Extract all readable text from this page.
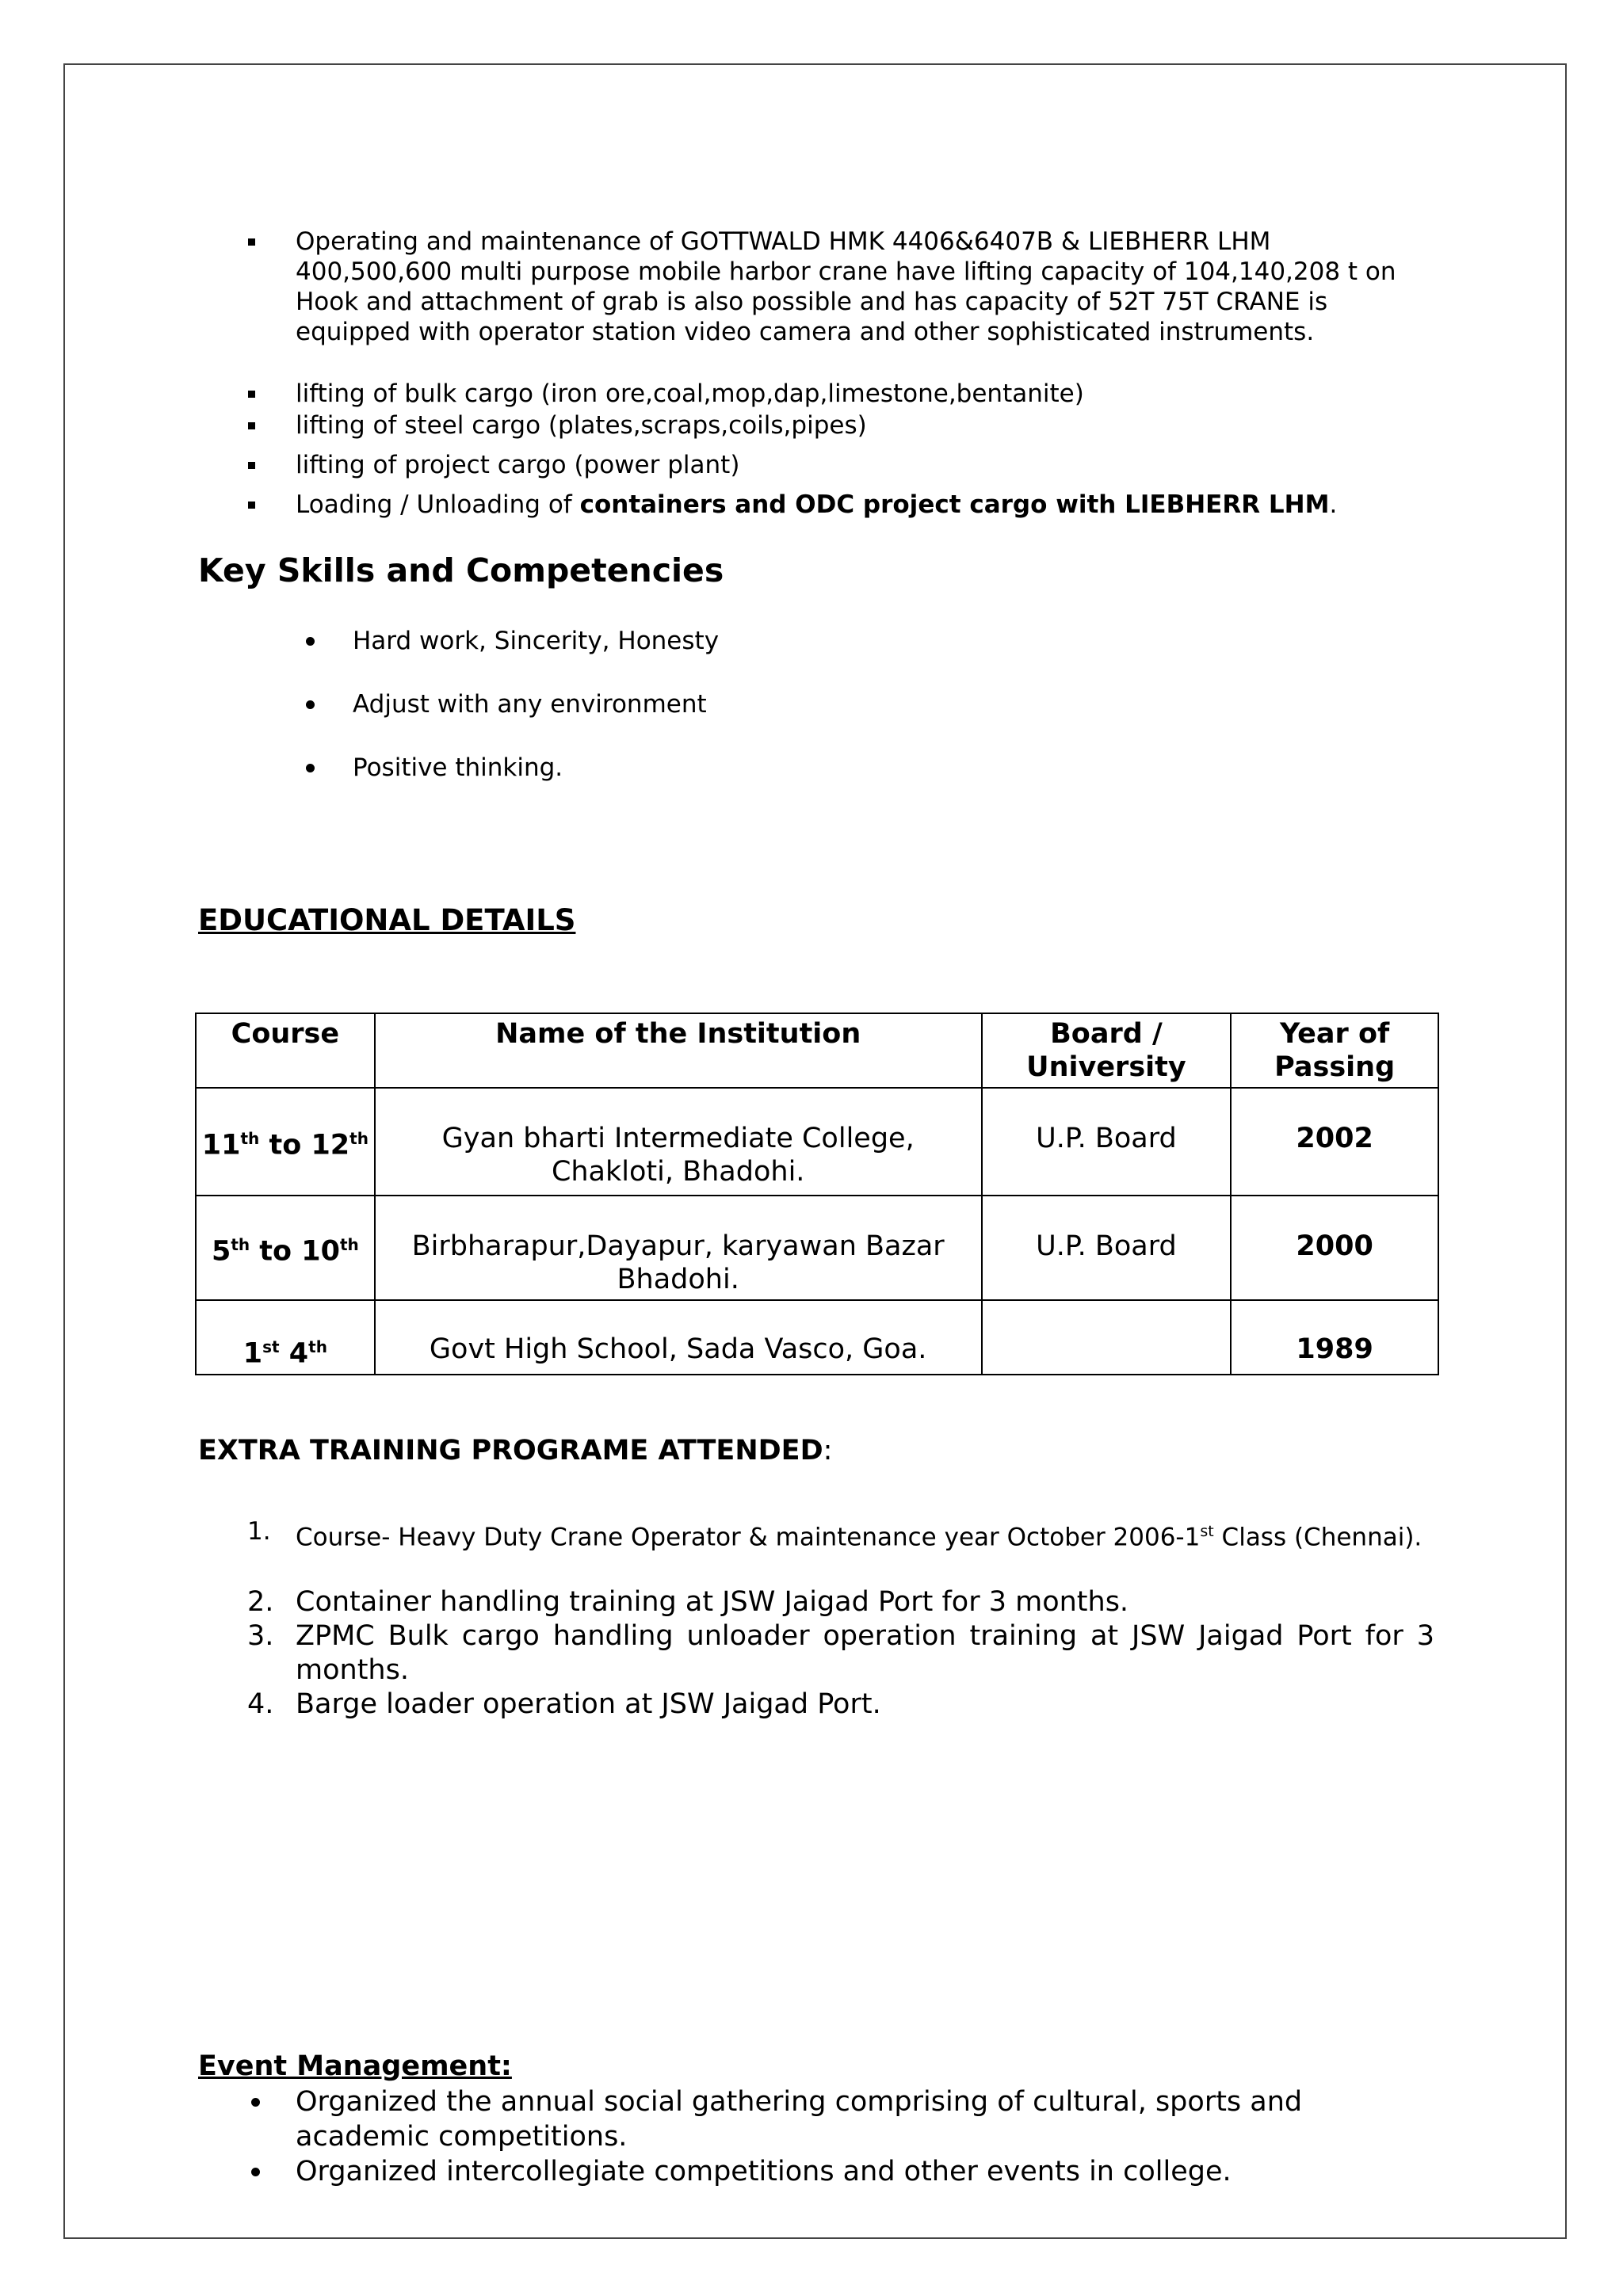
Operating and maintenance of GOTTWALD HMK 4406&6407B & LIEBHERR LHM 400,500,600 multi purpose mobile harbor crane have lifting capacity of 104,140,208 t on Hook and attachment of grab is also possible and has capacity of 52T 75T CRANE is equipped with operator station video camera and other sophisticated instruments.
lifting of bulk cargo (iron ore,coal,mop,dap,limestone,bentanite)
lifting of steel cargo (plates,scraps,coils,pipes)
lifting of project cargo (power plant)
Loading / Unloading of containers and ODC project cargo with LIEBHERR LHM.
Key Skills and Competencies
Hard work, Sincerity, Honesty
Adjust with any environment
Positive thinking.
EDUCATIONAL DETAILS
Course	Name of the Institution	Board / University	Year of Passing
11th to 12th	Gyan bharti Intermediate College, Chakloti, Bhadohi.	U.P. Board	2002
5th to 10th	Birbharapur,Dayapur, karyawan Bazar Bhadohi.	U.P. Board	2000
1st 4th	Govt High School, Sada Vasco, Goa.		1989
EXTRA TRAINING PROGRAME ATTENDED:
1. Course- Heavy Duty Crane Operator & maintenance year October 2006-1st Class (Chennai).
2. Container handling training at JSW Jaigad Port for 3 months.
3. ZPMC Bulk cargo handling unloader operation training at JSW Jaigad Port for 3 months.
4. Barge loader operation at JSW Jaigad Port.
Event Management:
Organized the annual social gathering comprising of cultural, sports and academic competitions.
Organized intercollegiate competitions and other events in college.
